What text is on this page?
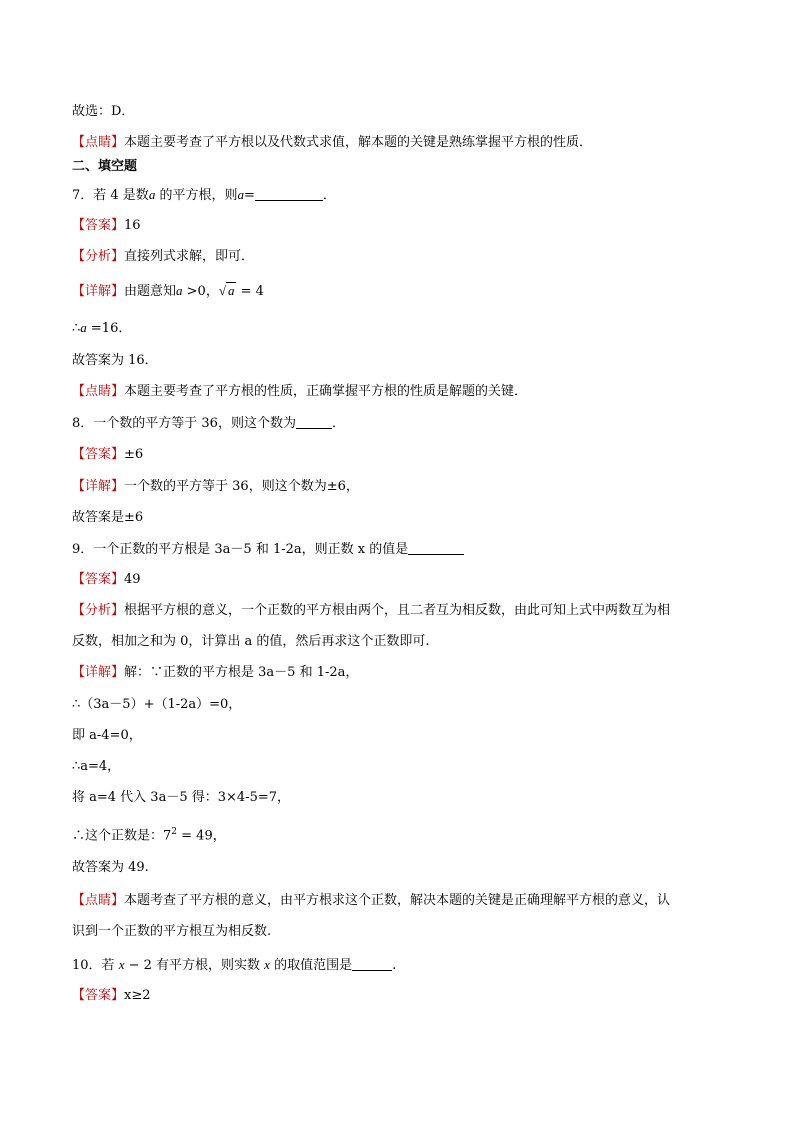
故选：D．
【点睛】本题主要考查了平方根以及代数式求值，解本题的关键是熟练掌握平方根的性质．
二、填空题
7．若 4 是数a 的平方根，则a=	．
【答案】16
【分析】直接列式求解，即可．
【详解】由题意知a >0，√ a = 4
∴a =16．
故答案为 16．
【点睛】本题主要考查了平方根的性质，正确掌握平方根的性质是解题的关键．
8．一个数的平方等于 36，则这个数为	．
【答案】±6
【详解】一个数的平方等于 36，则这个数为±6，
故答案是±6
9．一个正数的平方根是 3a－5 和 1-2a，则正数 x 的值是
【答案】49
【分析】根据平方根的意义，一个正数的平方根由两个，且二者互为相反数，由此可知上式中两数互为相
反数，相加之和为 0，计算出 a 的值，然后再求这个正数即可.
【详解】解：∵正数的平方根是 3a－5 和 1-2a，
∴（3a－5）+（1-2a）=0，
即 a-4=0，
∴a=4，
将 a=4 代入 3a－5 得：3×4-5=7，
∴这个正数是：$7^2 = 49$，
故答案为 49.
【点睛】本题考查了平方根的意义，由平方根求这个正数，解决本题的关键是正确理解平方根的意义，认
识到一个正数的平方根互为相反数.
10．若 x − 2 有平方根，则实数 x 的取值范围是	.
【答案】x≥2
